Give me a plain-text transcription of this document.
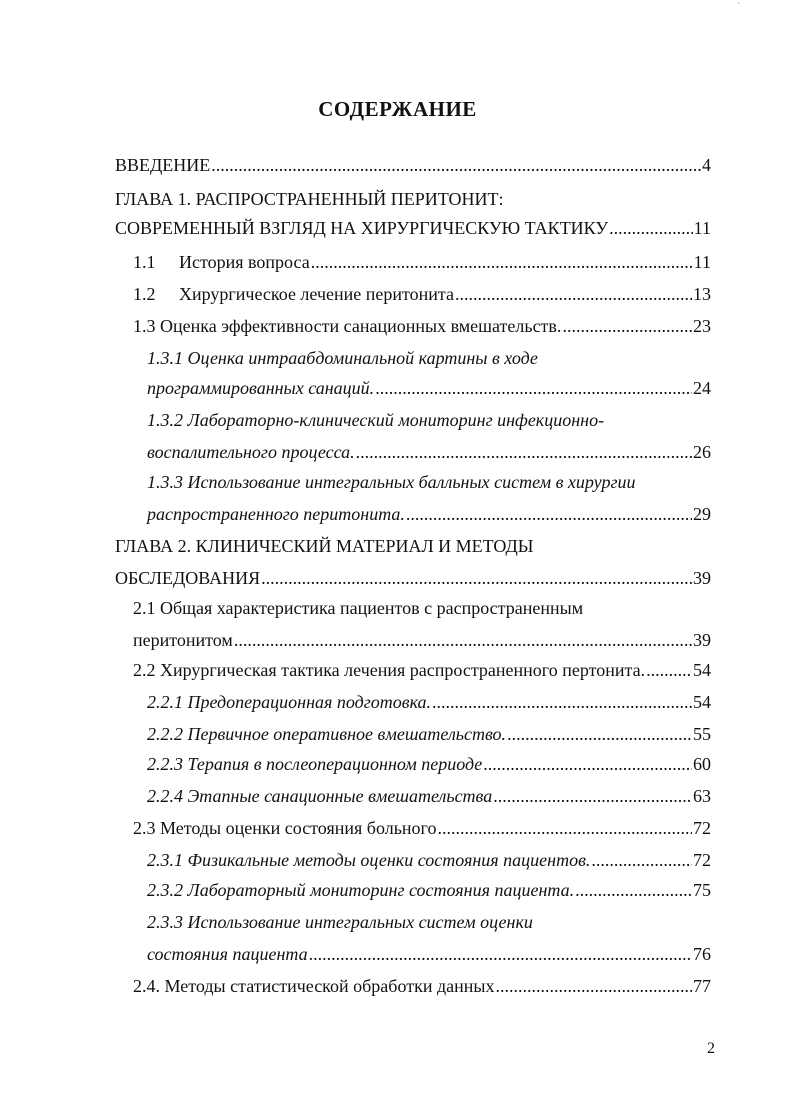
`
СОДЕРЖАНИЕ
ВВЕДЕНИЕ .....	4
ГЛАВА 1. РАСПРОСТРАНЕННЫЙ ПЕРИТОНИТ:
СОВРЕМЕННЫЙ ВЗГЛЯД НА ХИРУРГИЧЕСКУЮ ТАКТИКУ .....	11
1.1 История вопроса .....	11
1.2 Хирургическое лечение перитонита .....	13
1.3 Оценка эффективности санационных вмешательств. .....	23
1.3.1 Оценка интраабдоминальной картины в ходе
программированных санаций. .....	24
1.3.2 Лабораторно-клинический мониторинг инфекционно-
воспалительного процесса. .....	26
1.3.3 Использование интегральных балльных систем в хирургии
распространенного перитонита. .....	29
ГЛАВА 2. КЛИНИЧЕСКИЙ МАТЕРИАЛ И МЕТОДЫ
ОБСЛЕДОВАНИЯ .....	39
2.1 Общая характеристика пациентов с распространенным
перитонитом .....	39
2.2 Хирургическая тактика лечения распространенного пертонита. .....	54
2.2.1 Предоперационная подготовка. .....	54
2.2.2 Первичное оперативное вмешательство. .....	55
2.2.3 Терапия в послеоперационном периоде .....	60
2.2.4 Этапные санационные вмешательства .....	63
2.3 Методы оценки состояния больного .....	72
2.3.1 Физикальные методы оценки состояния пациентов. .....	72
2.3.2 Лабораторный мониторинг состояния пациента. .....	75
2.3.3 Использование интегральных систем оценки
состояния пациента .....	76
2.4. Методы статистической обработки данных .....	77
2
